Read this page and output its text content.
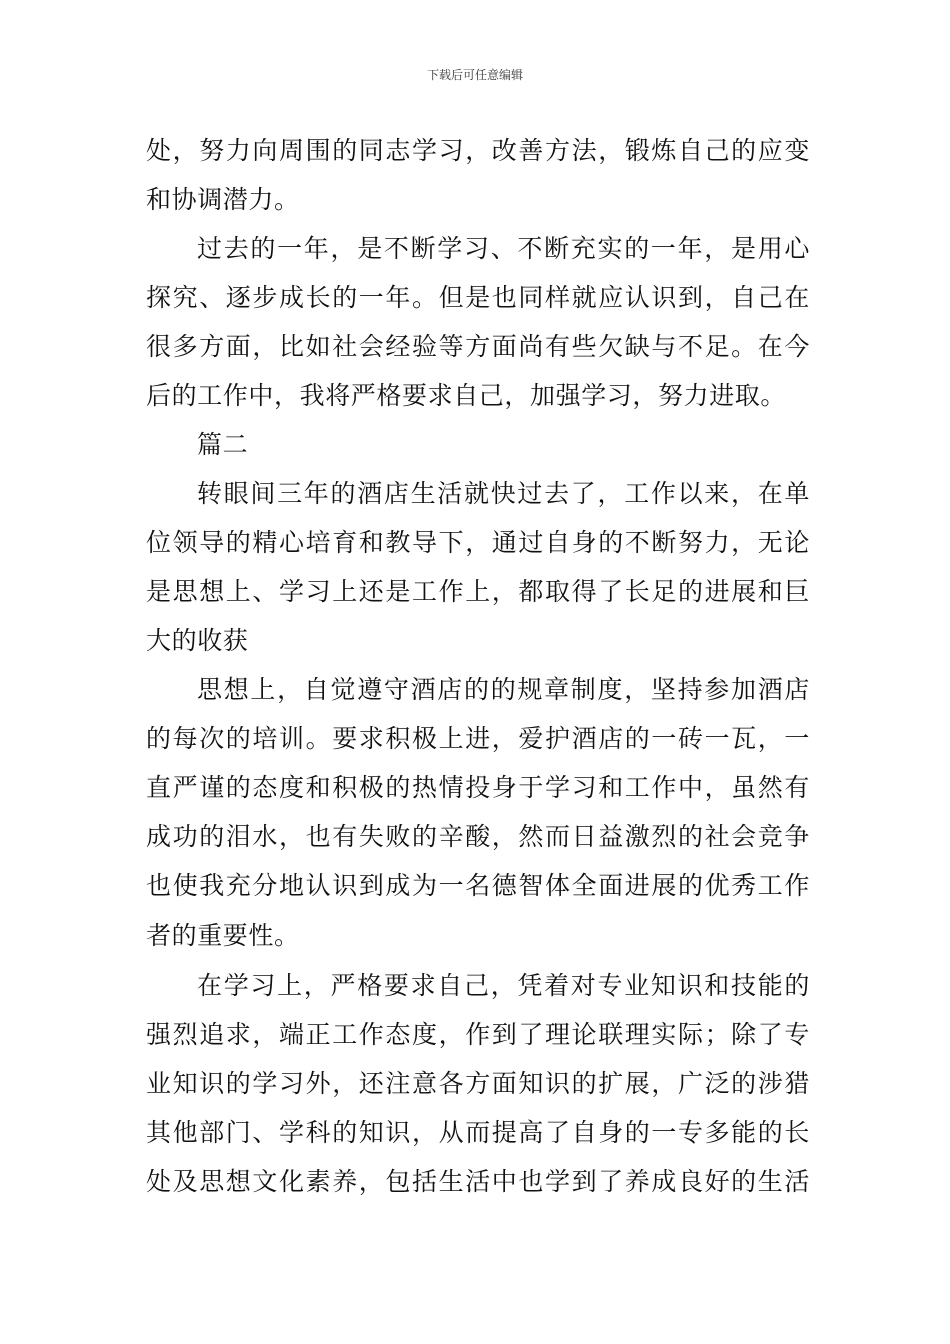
下载后可任意编辑
处，努力向周围的同志学习，改善方法，锻炼自己的应变
和协调潜力。
过去的一年，是不断学习、不断充实的一年，是用心
探究、逐步成长的一年。但是也同样就应认识到，自己在
很多方面，比如社会经验等方面尚有些欠缺与不足。在今
后的工作中，我将严格要求自己，加强学习，努力进取。
篇二
转眼间三年的酒店生活就快过去了，工作以来，在单
位领导的精心培育和教导下，通过自身的不断努力，无论
是思想上、学习上还是工作上，都取得了长足的进展和巨
大的收获
思想上，自觉遵守酒店的的规章制度，坚持参加酒店
的每次的培训。要求积极上进，爱护酒店的一砖一瓦，一
直严谨的态度和积极的热情投身于学习和工作中，虽然有
成功的泪水，也有失败的辛酸，然而日益激烈的社会竞争
也使我充分地认识到成为一名德智体全面进展的优秀工作
者的重要性。
在学习上，严格要求自己，凭着对专业知识和技能的
强烈追求，端正工作态度，作到了理论联理实际；除了专
业知识的学习外，还注意各方面知识的扩展，广泛的涉猎
其他部门、学科的知识，从而提高了自身的一专多能的长
处及思想文化素养，包括生活中也学到了养成良好的生活
